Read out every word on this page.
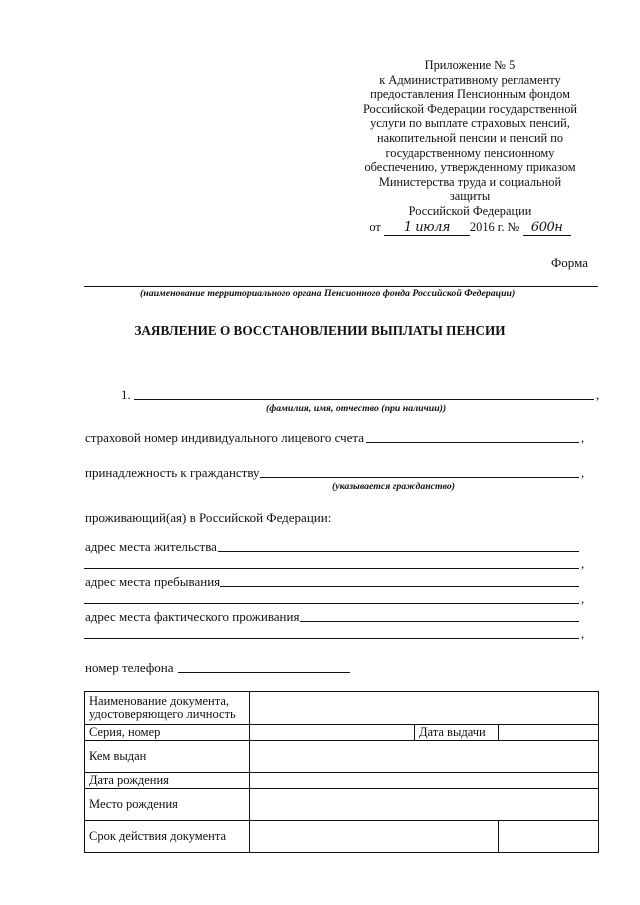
Приложение № 5
к Административному регламенту
предоставления Пенсионным фондом
Российской Федерации государственной
услуги по выплате страховых пенсий,
накопительной пенсии и пенсий по
государственному пенсионному
обеспечению, утвержденному приказом
Министерства труда и социальной
защиты
Российской Федерации
от 1 июля 2016 г. № 600н
Форма
(наименование территориального органа Пенсионного фонда Российской Федерации)
ЗАЯВЛЕНИЕ О ВОССТАНОВЛЕНИИ ВЫПЛАТЫ ПЕНСИИ
1.	,
(фамилия, имя, отчество (при наличии))
страховой номер индивидуального лицевого счета	,
принадлежность к гражданству	,
(указывается гражданство)
проживающий(ая) в Российской Федерации:
адрес места жительства
,
адрес места пребывания
,
адрес места фактического проживания
,
номер телефона
Наименование документа, удостоверяющего личность			
Серия, номер		Дата выдачи	
Кем выдан			
Дата рождения			
Место рождения			
Срок действия документа			
